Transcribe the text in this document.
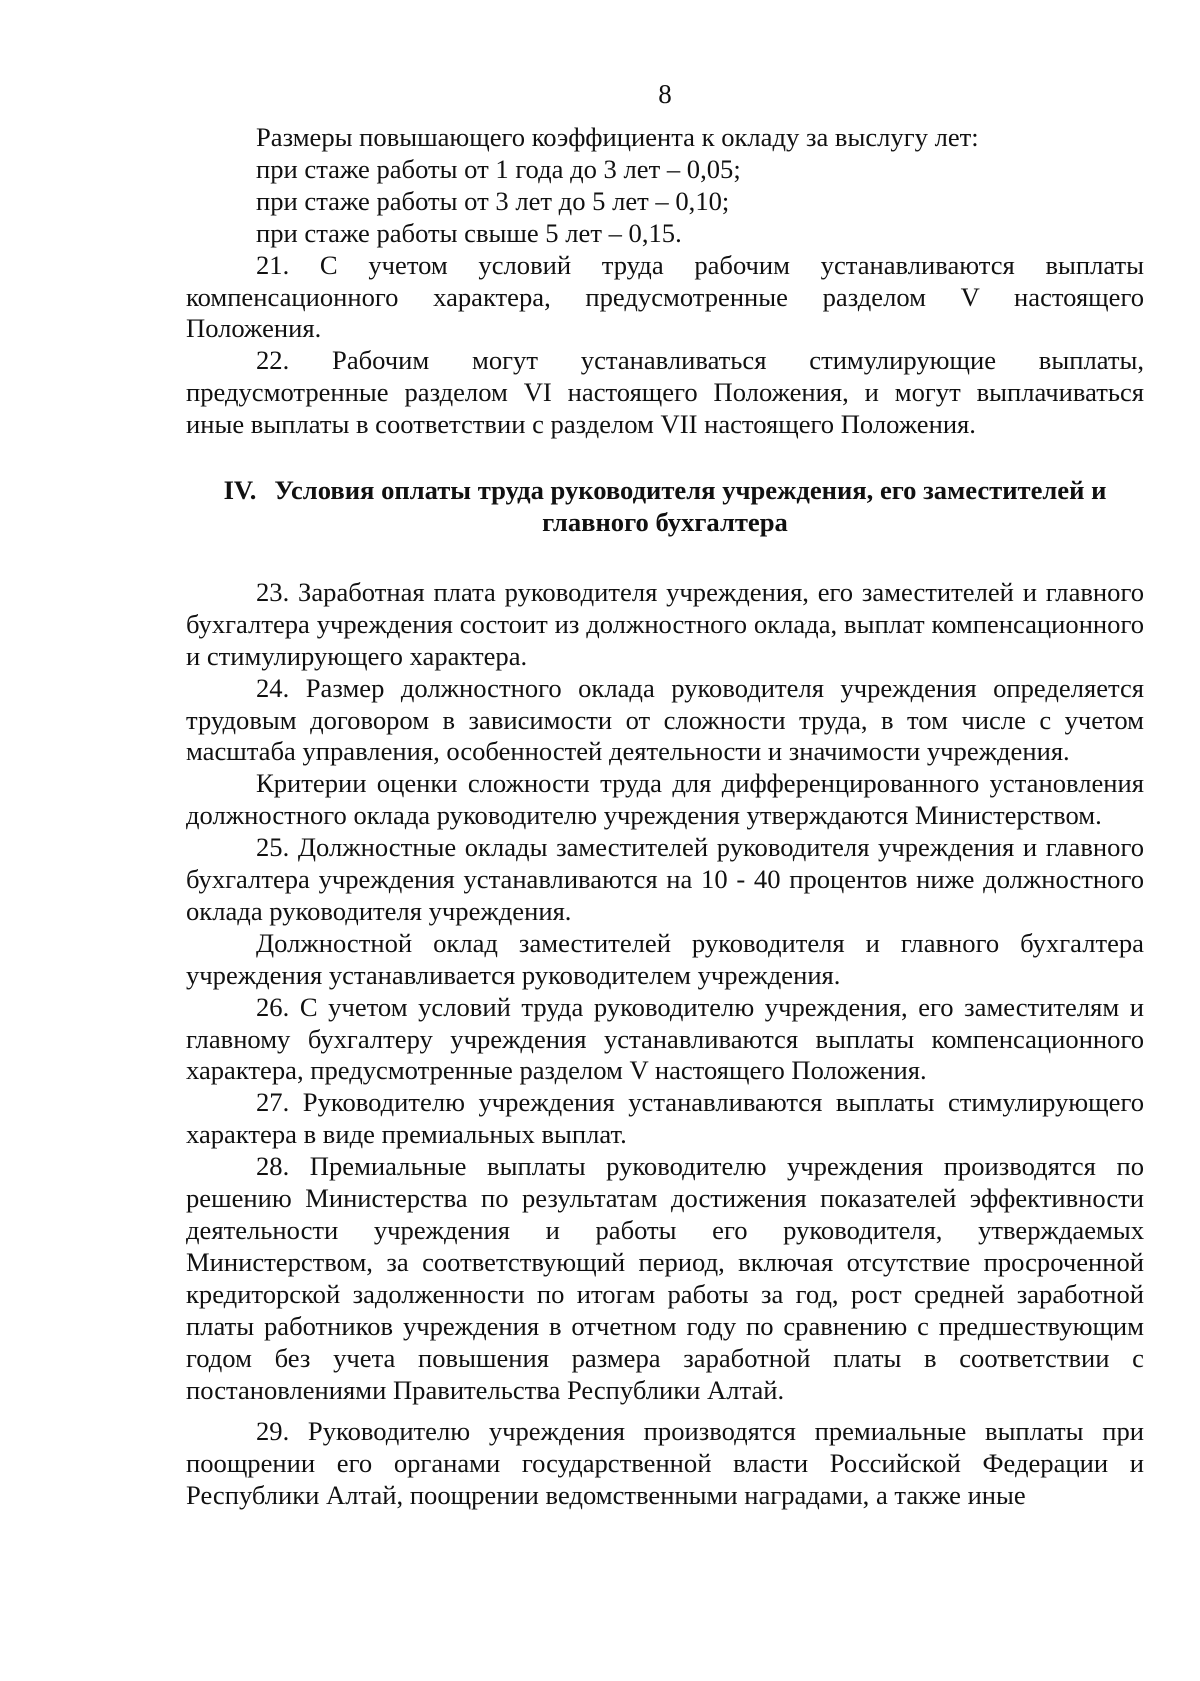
8
Размеры повышающего коэффициента к окладу за выслугу лет:
при стаже работы от 1 года до 3 лет – 0,05;
при стаже работы от 3 лет до 5 лет – 0,10;
при стаже работы свыше 5 лет – 0,15.

21. С учетом условий труда рабочим устанавливаются выплаты компенсационного характера, предусмотренные разделом V настоящего Положения.

22. Рабочим могут устанавливаться стимулирующие выплаты, предусмотренные разделом VI настоящего Положения, и могут выплачиваться иные выплаты в соответствии с разделом VII настоящего Положения.

IV. Условия оплаты труда руководителя учреждения, его заместителей и главного бухгалтера

23. Заработная плата руководителя учреждения, его заместителей и главного бухгалтера учреждения состоит из должностного оклада, выплат компенсационного и стимулирующего характера.

24. Размер должностного оклада руководителя учреждения определяется трудовым договором в зависимости от сложности труда, в том числе с учетом масштаба управления, особенностей деятельности и значимости учреждения.

Критерии оценки сложности труда для дифференцированного установления должностного оклада руководителю учреждения утверждаются Министерством.

25. Должностные оклады заместителей руководителя учреждения и главного бухгалтера учреждения устанавливаются на 10 - 40 процентов ниже должностного оклада руководителя учреждения.

Должностной оклад заместителей руководителя и главного бухгалтера учреждения устанавливается руководителем учреждения.

26. С учетом условий труда руководителю учреждения, его заместителям и главному бухгалтеру учреждения устанавливаются выплаты компенсационного характера, предусмотренные разделом V настоящего Положения.

27. Руководителю учреждения устанавливаются выплаты стимулирующего характера в виде премиальных выплат.

28. Премиальные выплаты руководителю учреждения производятся по решению Министерства по результатам достижения показателей эффективности деятельности учреждения и работы его руководителя, утверждаемых Министерством, за соответствующий период, включая отсутствие просроченной кредиторской задолженности по итогам работы за год, рост средней заработной платы работников учреждения в отчетном году по сравнению с предшествующим годом без учета повышения размера заработной платы в соответствии с постановлениями Правительства Республики Алтай.

29. Руководителю учреждения производятся премиальные выплаты при поощрении его органами государственной власти Российской Федерации и Республики Алтай, поощрении ведомственными наградами, а также иные
